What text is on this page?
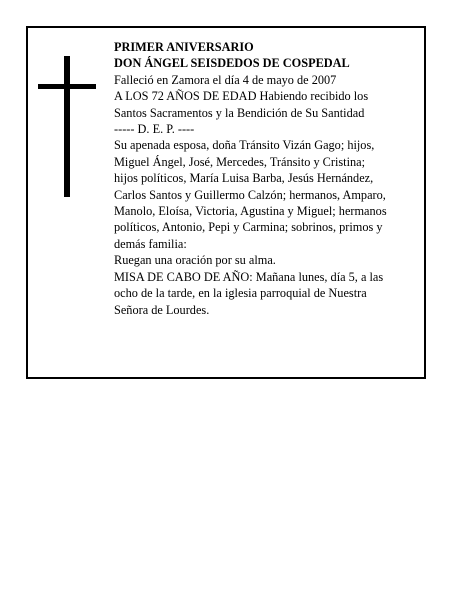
PRIMER ANIVERSARIO
DON ÁNGEL SEISDEDOS DE COSPEDAL
Falleció en Zamora el día 4 de mayo de 2007
A LOS 72 AÑOS DE EDAD Habiendo recibido los
Santos Sacramentos y la Bendición de Su Santidad
----- D. E. P. ----
Su apenada esposa, doña Tránsito Vizán Gago; hijos,
Miguel Ángel, José, Mercedes, Tránsito y Cristina;
hijos políticos, María Luisa Barba, Jesús Hernández,
Carlos Santos y Guillermo Calzón; hermanos, Amparo,
Manolo, Eloísa, Victoria, Agustina y Miguel; hermanos
políticos, Antonio, Pepi y Carmina; sobrinos, primos y
demás familia:
Ruegan una oración por su alma.
MISA DE CABO DE AÑO: Mañana lunes, día 5, a las
ocho de la tarde, en la iglesia parroquial de Nuestra
Señora de Lourdes.
